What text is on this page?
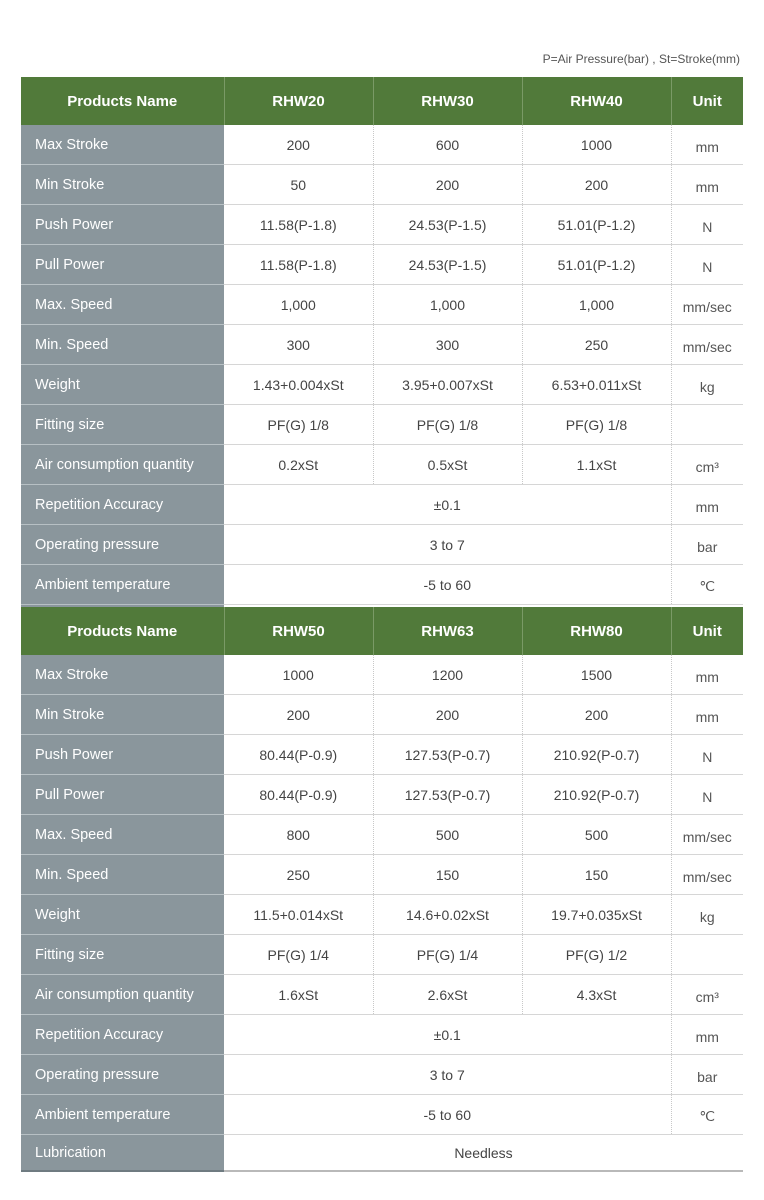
P=Air Pressure(bar) , St=Stroke(mm)
Products Name	RHW20	RHW30	RHW40	Unit
Max Stroke	200	600	1000	mm
Min Stroke	50	200	200	mm
Push Power	11.58(P-1.8)	24.53(P-1.5)	51.01(P-1.2)	N
Pull Power	11.58(P-1.8)	24.53(P-1.5)	51.01(P-1.2)	N
Max. Speed	1,000	1,000	1,000	mm/sec
Min. Speed	300	300	250	mm/sec
Weight	1.43+0.004xSt	3.95+0.007xSt	6.53+0.011xSt	kg
Fitting size	PF(G) 1/8	PF(G) 1/8	PF(G) 1/8	
Air consumption quantity	0.2xSt	0.5xSt	1.1xSt	cm³
Repetition Accuracy	±0.1			mm
Operating pressure	3 to 7			bar
Ambient temperature	-5 to 60			℃

Products Name	RHW50	RHW63	RHW80	Unit
Max Stroke	1000	1200	1500	mm
Min Stroke	200	200	200	mm
Push Power	80.44(P-0.9)	127.53(P-0.7)	210.92(P-0.7)	N
Pull Power	80.44(P-0.9)	127.53(P-0.7)	210.92(P-0.7)	N
Max. Speed	800	500	500	mm/sec
Min. Speed	250	150	150	mm/sec
Weight	11.5+0.014xSt	14.6+0.02xSt	19.7+0.035xSt	kg
Fitting size	PF(G) 1/4	PF(G) 1/4	PF(G) 1/2	
Air consumption quantity	1.6xSt	2.6xSt	4.3xSt	cm³
Repetition Accuracy	±0.1			mm
Operating pressure	3 to 7			bar
Ambient temperature	-5 to 60			℃
Lubrication	Needless			
